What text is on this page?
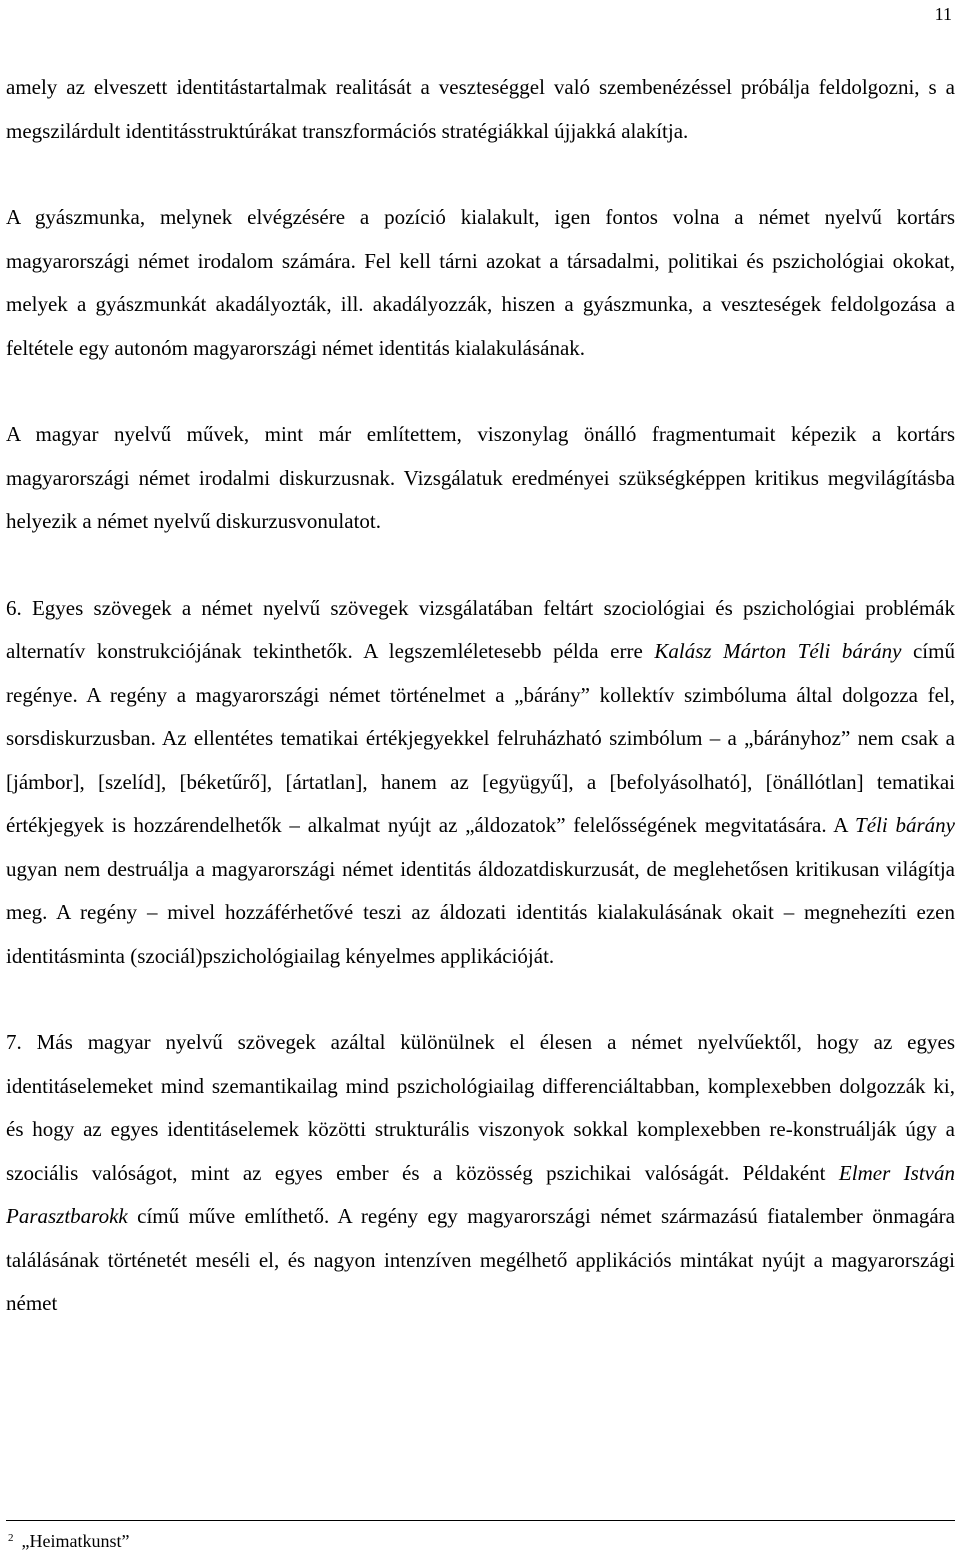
11

amely az elveszett identitástartalmak realitását a veszteséggel való szembenézéssel próbálja feldolgozni, s a megszilárdult identitásstruktúrákat transzformációs stratégiákkal újjakká alakítja.

A gyászmunka, melynek elvégzésére a pozíció kialakult, igen fontos volna a német nyelvű kortárs magyarországi német irodalom számára. Fel kell tárni azokat a társadalmi, politikai és pszichológiai okokat, melyek a gyászmunkát akadályozták, ill. akadályozzák, hiszen a gyászmunka, a veszteségek feldolgozása a feltétele egy autonóm magyarországi német identitás kialakulásának.

A magyar nyelvű művek, mint már említettem, viszonylag önálló fragmentumait képezik a kortárs magyarországi német irodalmi diskurzusnak. Vizsgálatuk eredményei szükségképpen kritikus megvilágításba helyezik a német nyelvű diskurzusvonulatot.

6. Egyes szövegek a német nyelvű szövegek vizsgálatában feltárt szociológiai és pszichológiai problémák alternatív konstrukciójának tekinthetők. A legszemléletesebb példa erre Kalász Márton Téli bárány című regénye. A regény a magyarországi német történelmet a „bárány” kollektív szimbóluma által dolgozza fel, sorsdiskurzusban. Az ellentétes tematikai értékjegyekkel felruházható szimbólum – a „bárányhoz” nem csak a [jámbor], [szelíd], [béketűrő], [ártatlan], hanem az [együgyű], a [befolyásolható], [önállótlan] tematikai értékjegyek is hozzárendelhetők – alkalmat nyújt az „áldozatok” felelősségének megvitatására. A Téli bárány ugyan nem destruálja a magyarországi német identitás áldozatdiskurzusát, de meglehetősen kritikusan világítja meg. A regény – mivel hozzáférhetővé teszi az áldozati identitás kialakulásának okait – megnehezíti ezen identitásminta (szociál)pszichológiailag kényelmes applikációját.

7. Más magyar nyelvű szövegek azáltal különülnek el élesen a német nyelvűektől, hogy az egyes identitáselemeket mind szemantikailag mind pszichológiailag differenciáltabban, komplexebben dolgozzák ki, és hogy az egyes identitáselemek közötti strukturális viszonyok sokkal komplexebben re-konstruálják úgy a szociális valóságot, mint az egyes ember és a közösség pszichikai valóságát. Példaként Elmer István Parasztbarokk című műve említhető. A regény egy magyarországi német származású fiatalember önmagára találásának történetét meséli el, és nagyon intenzíven megélhető applikációs mintákat nyújt a magyarországi német

$^2$ „Heimatkunst”
